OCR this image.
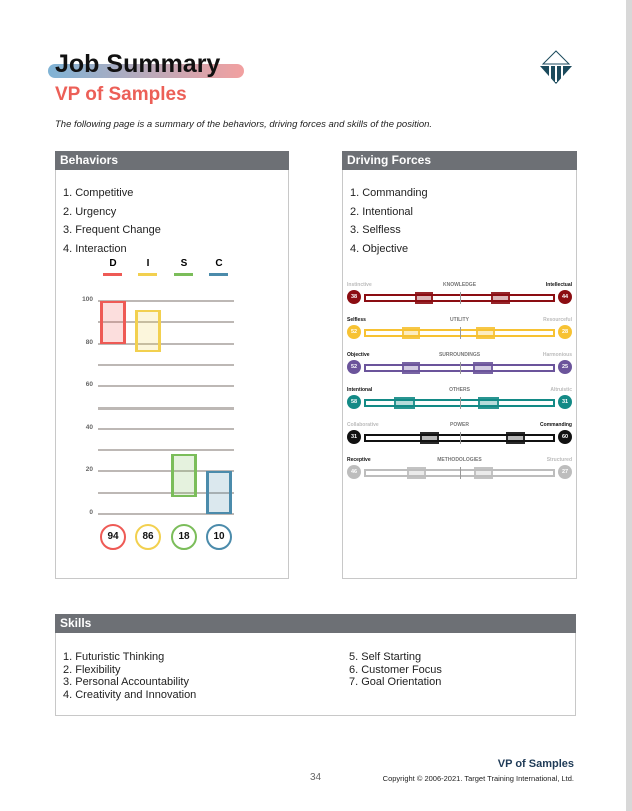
Job Summary
VP of Samples
The following page is a summary of the behaviors, driving forces and skills of the position.
Behaviors
1. Competitive
2. Urgency
3. Frequent Change
4. Interaction
0
20
40
60
80
100
D
94
I
86
S
18
C
10
Driving Forces
1. Commanding
2. Intentional
3. Selfless
4. Objective
Instinctive	KNOWLEDGE	Intellectual
38	44
Selfless	UTILITY	Resourceful
52	28
Objective	SURROUNDINGS	Harmonious
52	25
Intentional	OTHERS	Altruistic
58	31
Collaborative	POWER	Commanding
31	60
Receptive	METHODOLOGIES	Structured
46	27
Skills
1. Futuristic Thinking
2. Flexibility
3. Personal Accountability
4. Creativity and Innovation
5. Self Starting
6. Customer Focus
7. Goal Orientation
VP of Samples
34	Copyright © 2006-2021. Target Training International, Ltd.
